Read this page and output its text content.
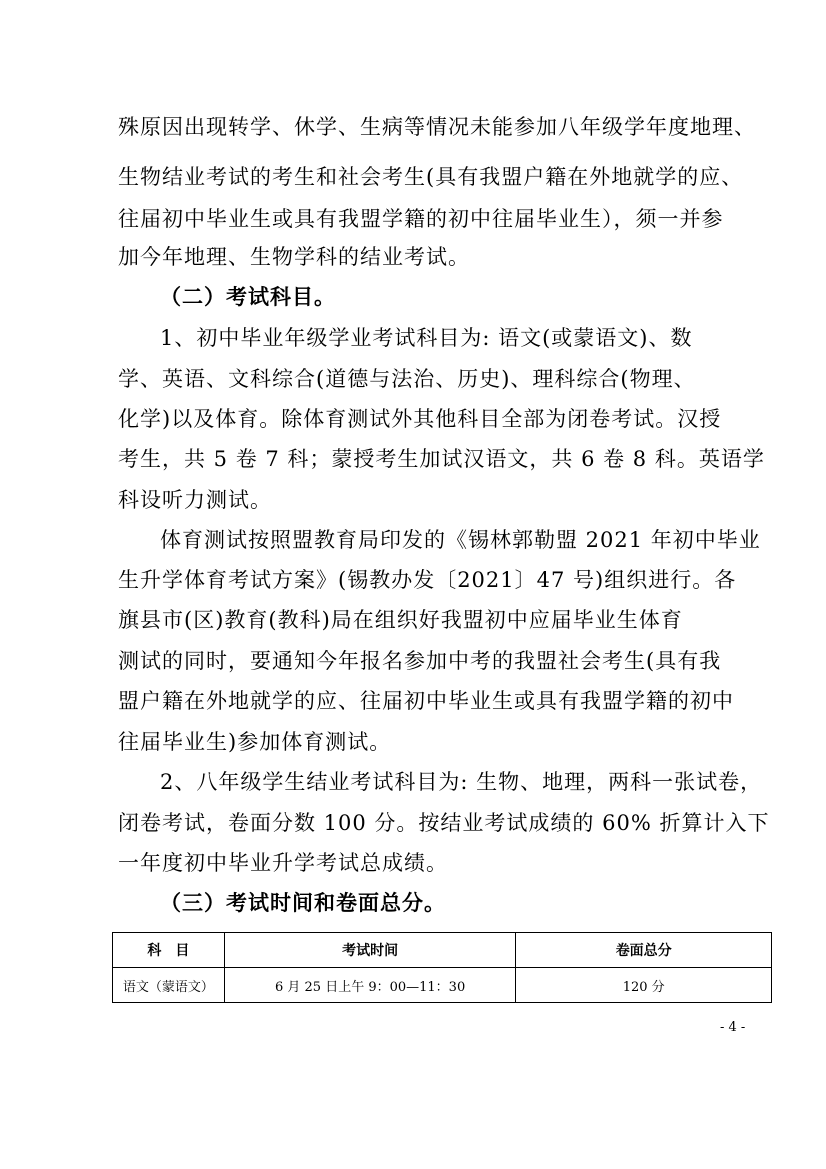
殊原因出现转学、休学、生病等情况未能参加八年级学年度地理、
生物结业考试的考生和社会考生(具有我盟户籍在外地就学的应、
往届初中毕业生或具有我盟学籍的初中往届毕业生），须一并参
加今年地理、生物学科的结业考试。
（二）考试科目。
1、初中毕业年级学业考试科目为: 语文(或蒙语文)、数
学、英语、文科综合(道德与法治、历史)、理科综合(物理、
化学)以及体育。除体育测试外其他科目全部为闭卷考试。汉授
考生，共 5 卷 7 科；蒙授考生加试汉语文，共 6 卷 8 科。英语学
科设听力测试。
体育测试按照盟教育局印发的《锡林郭勒盟 2021 年初中毕业
生升学体育考试方案》(锡教办发〔2021〕47 号)组织进行。各
旗县市(区)教育(教科)局在组织好我盟初中应届毕业生体育
测试的同时，要通知今年报名参加中考的我盟社会考生(具有我
盟户籍在外地就学的应、往届初中毕业生或具有我盟学籍的初中
往届毕业生)参加体育测试。
2、八年级学生结业考试科目为: 生物、地理，两科一张试卷，
闭卷考试，卷面分数 100 分。按结业考试成绩的 60% 折算计入下
一年度初中毕业升学考试总成绩。
（三）考试时间和卷面总分。
科　目	考试时间	卷面总分
语文（蒙语文）	6 月 25 日上午 9：00—11：30	120 分
- 4 -
